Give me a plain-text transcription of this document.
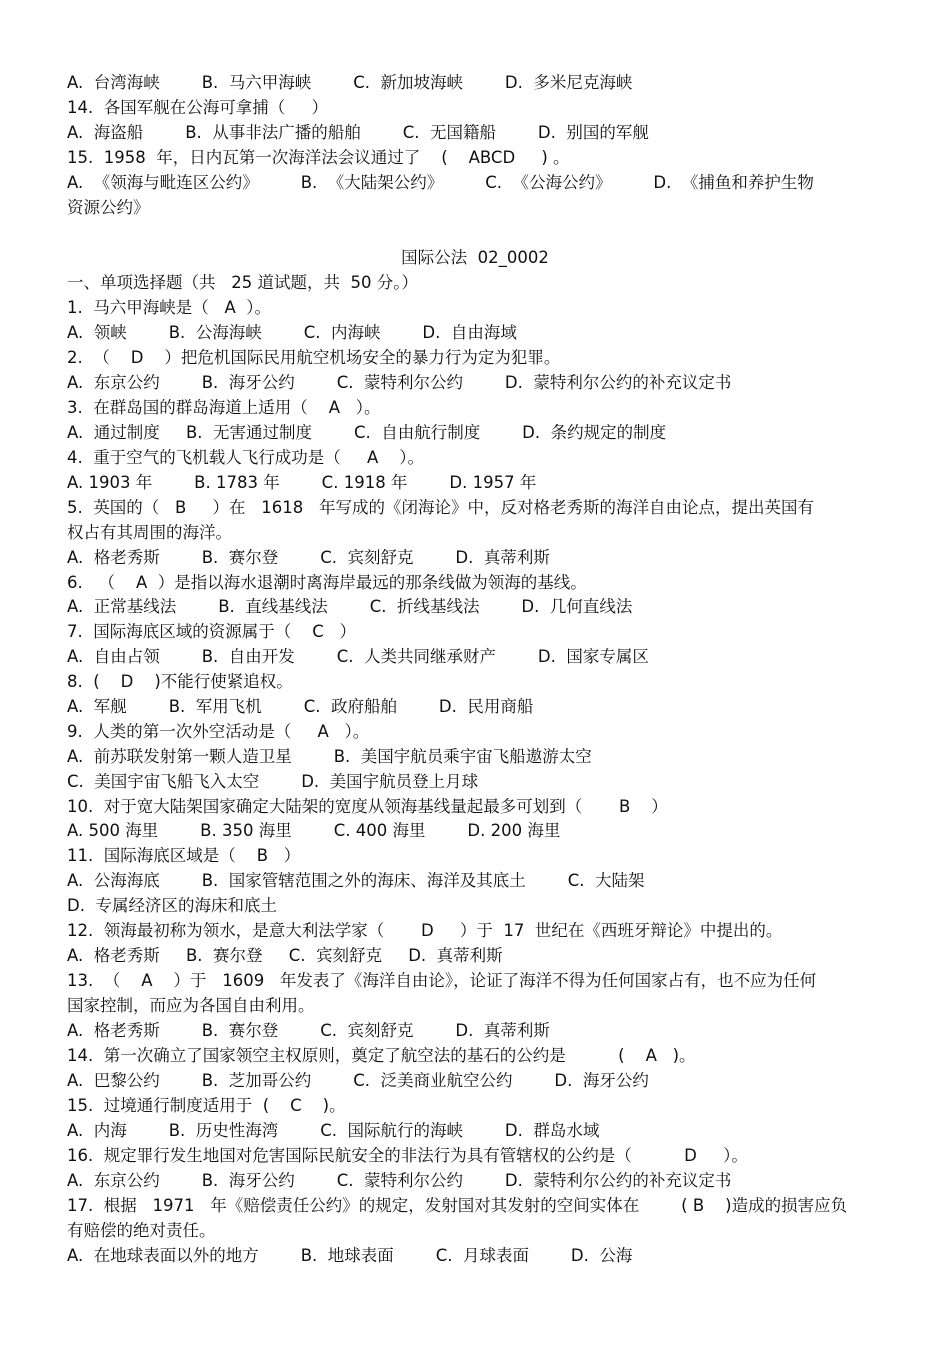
国际公法  02_0002
A.  台湾海峡        B.  马六甲海峡        C.  新加坡海峡        D.  多米尼克海峡
14.  各国军舰在公海可拿捕（     ）
A.  海盗船        B.  从事非法广播的船舶        C.  无国籍船        D.  别国的军舰
15.  1958  年，日内瓦第一次海洋法会议通过了    (    ABCD     ) 。
A.  《领海与毗连区公约》        B.  《大陆架公约》        C.  《公海公约》        D.  《捕鱼和养护生物
资源公约》
一、单项选择题（共   25 道试题，共  50 分。）
1.  马六甲海峡是（   A  ）。
A.  领峡        B.  公海海峡        C.  内海峡        D.  自由海域
2.  （    D    ）把危机国际民用航空机场安全的暴力行为定为犯罪。
A.  东京公约        B.  海牙公约        C.  蒙特利尔公约        D.  蒙特利尔公约的补充议定书
3.  在群岛国的群岛海道上适用（    A   ）。
A.  通过制度     B.  无害通过制度        C.  自由航行制度        D.  条约规定的制度
4.  重于空气的飞机载人飞行成功是（     A    ）。
A. 1903 年        B. 1783 年        C. 1918 年        D. 1957 年
5.  英国的（   B     ）在   1618   年写成的《闭海论》中，反对格老秀斯的海洋自由论点，提出英国有
权占有其周围的海洋。
A.  格老秀斯        B.  赛尔登        C.  宾刻舒克        D.  真蒂利斯
6.   （    A  ）是指以海水退潮时离海岸最远的那条线做为领海的基线。
A.  正常基线法        B.  直线基线法        C.  折线基线法        D.  几何直线法
7.  国际海底区域的资源属于（    C   ）
A.  自由占领        B.  自由开发        C.  人类共同继承财产        D.  国家专属区
8.  (    D    )不能行使紧追权。
A.  军舰        B.  军用飞机        C.  政府船舶        D.  民用商船
9.  人类的第一次外空活动是（     A   ）。
A.  前苏联发射第一颗人造卫星        B.  美国宇航员乘宇宙飞船遨游太空
C.  美国宇宙飞船飞入太空        D.  美国宇航员登上月球
10.  对于宽大陆架国家确定大陆架的宽度从领海基线量起最多可划到（       B    ）
A. 500 海里        B. 350 海里        C. 400 海里        D. 200 海里
11.  国际海底区域是（    B   ）
A.  公海海底        B.  国家管辖范围之外的海床、海洋及其底土        C.  大陆架
D.  专属经济区的海床和底土
12.  领海最初称为领水，是意大利法学家（       D     ）于  17  世纪在《西班牙辩论》中提出的。
A.  格老秀斯     B.  赛尔登     C.  宾刻舒克     D.  真蒂利斯
13.  （    A    ）于   1609   年发表了《海洋自由论》，论证了海洋不得为任何国家占有，也不应为任何
国家控制，而应为各国自由利用。
A.  格老秀斯        B.  赛尔登        C.  宾刻舒克        D.  真蒂利斯
14.  第一次确立了国家领空主权原则，奠定了航空法的基石的公约是          (    A   )。
A.  巴黎公约        B.  芝加哥公约        C.  泛美商业航空公约        D.  海牙公约
15.  过境通行制度适用于  (    C    )。
A.  内海        B.  历史性海湾        C.  国际航行的海峡        D.  群岛水域
16.  规定罪行发生地国对危害国际民航安全的非法行为具有管辖权的公约是（          D     ）。
A.  东京公约        B.  海牙公约        C.  蒙特利尔公约        D.  蒙特利尔公约的补充议定书
17.  根据   1971   年《赔偿责任公约》的规定，发射国对其发射的空间实体在        ( B    )造成的损害应负
有赔偿的绝对责任。
A.  在地球表面以外的地方        B.  地球表面        C.  月球表面        D.  公海
